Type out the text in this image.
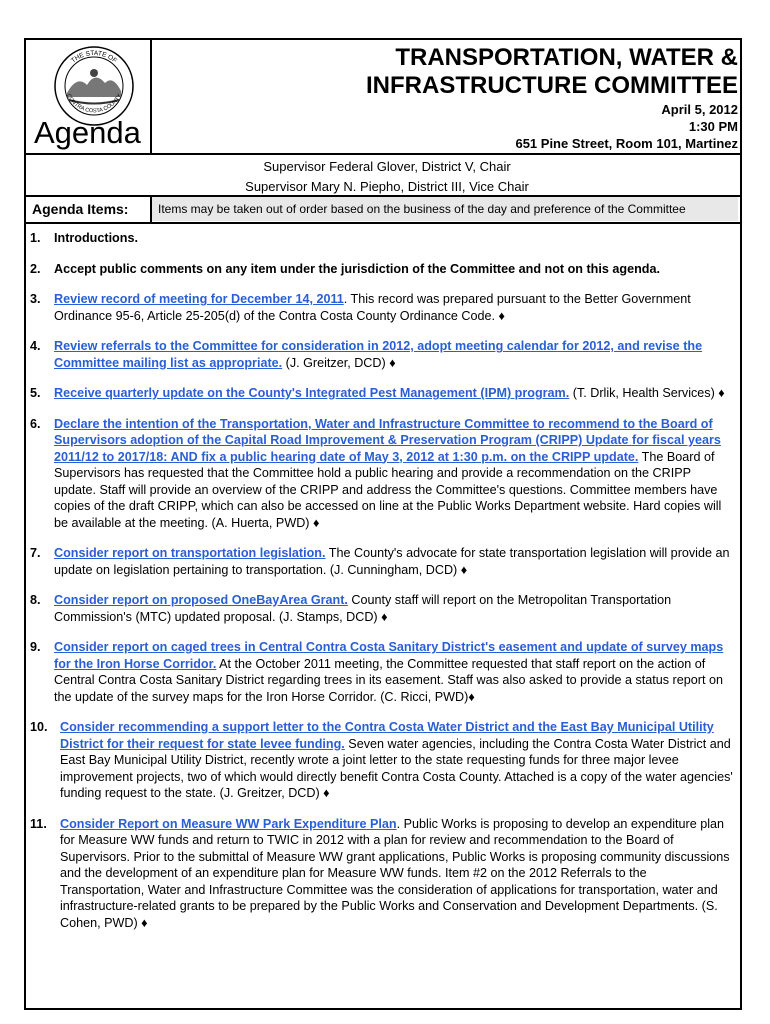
THE STATE OF
CONTRA COSTA COUNTY
Agenda
TRANSPORTATION, WATER &
INFRASTRUCTURE COMMITTEE
April 5, 2012
1:30 PM
651 Pine Street, Room 101, Martinez
Supervisor Federal Glover, District V, Chair
Supervisor Mary N. Piepho, District III, Vice Chair
Agenda Items:	Items may be taken out of order based on the business of the day and preference of the Committee
1. Introductions.
2. Accept public comments on any item under the jurisdiction of the Committee and not on this agenda.
3. Review record of meeting for December 14, 2011. This record was prepared pursuant to the Better Government Ordinance 95-6, Article 25-205(d) of the Contra Costa County Ordinance Code. ♦
4. Review referrals to the Committee for consideration in 2012, adopt meeting calendar for 2012, and revise the Committee mailing list as appropriate. (J. Greitzer, DCD) ♦
5. Receive quarterly update on the County's Integrated Pest Management (IPM) program. (T. Drlik, Health Services) ♦
6. Declare the intention of the Transportation, Water and Infrastructure Committee to recommend to the Board of Supervisors adoption of the Capital Road Improvement & Preservation Program (CRIPP) Update for fiscal years 2011/12 to 2017/18: AND fix a public hearing date of May 3, 2012 at 1:30 p.m. on the CRIPP update. The Board of Supervisors has requested that the Committee hold a public hearing and provide a recommendation on the CRIPP update. Staff will provide an overview of the CRIPP and address the Committee's questions. Committee members have copies of the draft CRIPP, which can also be accessed on line at the Public Works Department website. Hard copies will be available at the meeting. (A. Huerta, PWD) ♦
7. Consider report on transportation legislation. The County's advocate for state transportation legislation will provide an update on legislation pertaining to transportation. (J. Cunningham, DCD) ♦
8. Consider report on proposed OneBayArea Grant. County staff will report on the Metropolitan Transportation Commission's (MTC) updated proposal. (J. Stamps, DCD) ♦
9. Consider report on caged trees in Central Contra Costa Sanitary District's easement and update of survey maps for the Iron Horse Corridor. At the October 2011 meeting, the Committee requested that staff report on the action of Central Contra Costa Sanitary District regarding trees in its easement. Staff was also asked to provide a status report on the update of the survey maps for the Iron Horse Corridor. (C. Ricci, PWD)♦
10. Consider recommending a support letter to the Contra Costa Water District and the East Bay Municipal Utility District for their request for state levee funding. Seven water agencies, including the Contra Costa Water District and East Bay Municipal Utility District, recently wrote a joint letter to the state requesting funds for three major levee improvement projects, two of which would directly benefit Contra Costa County. Attached is a copy of the water agencies' funding request to the state. (J. Greitzer, DCD) ♦
11. Consider Report on Measure WW Park Expenditure Plan. Public Works is proposing to develop an expenditure plan for Measure WW funds and return to TWIC in 2012 with a plan for review and recommendation to the Board of Supervisors. Prior to the submittal of Measure WW grant applications, Public Works is proposing community discussions and the development of an expenditure plan for Measure WW funds. Item #2 on the 2012 Referrals to the Transportation, Water and Infrastructure Committee was the consideration of applications for transportation, water and infrastructure-related grants to be prepared by the Public Works and Conservation and Development Departments. (S. Cohen, PWD) ♦
